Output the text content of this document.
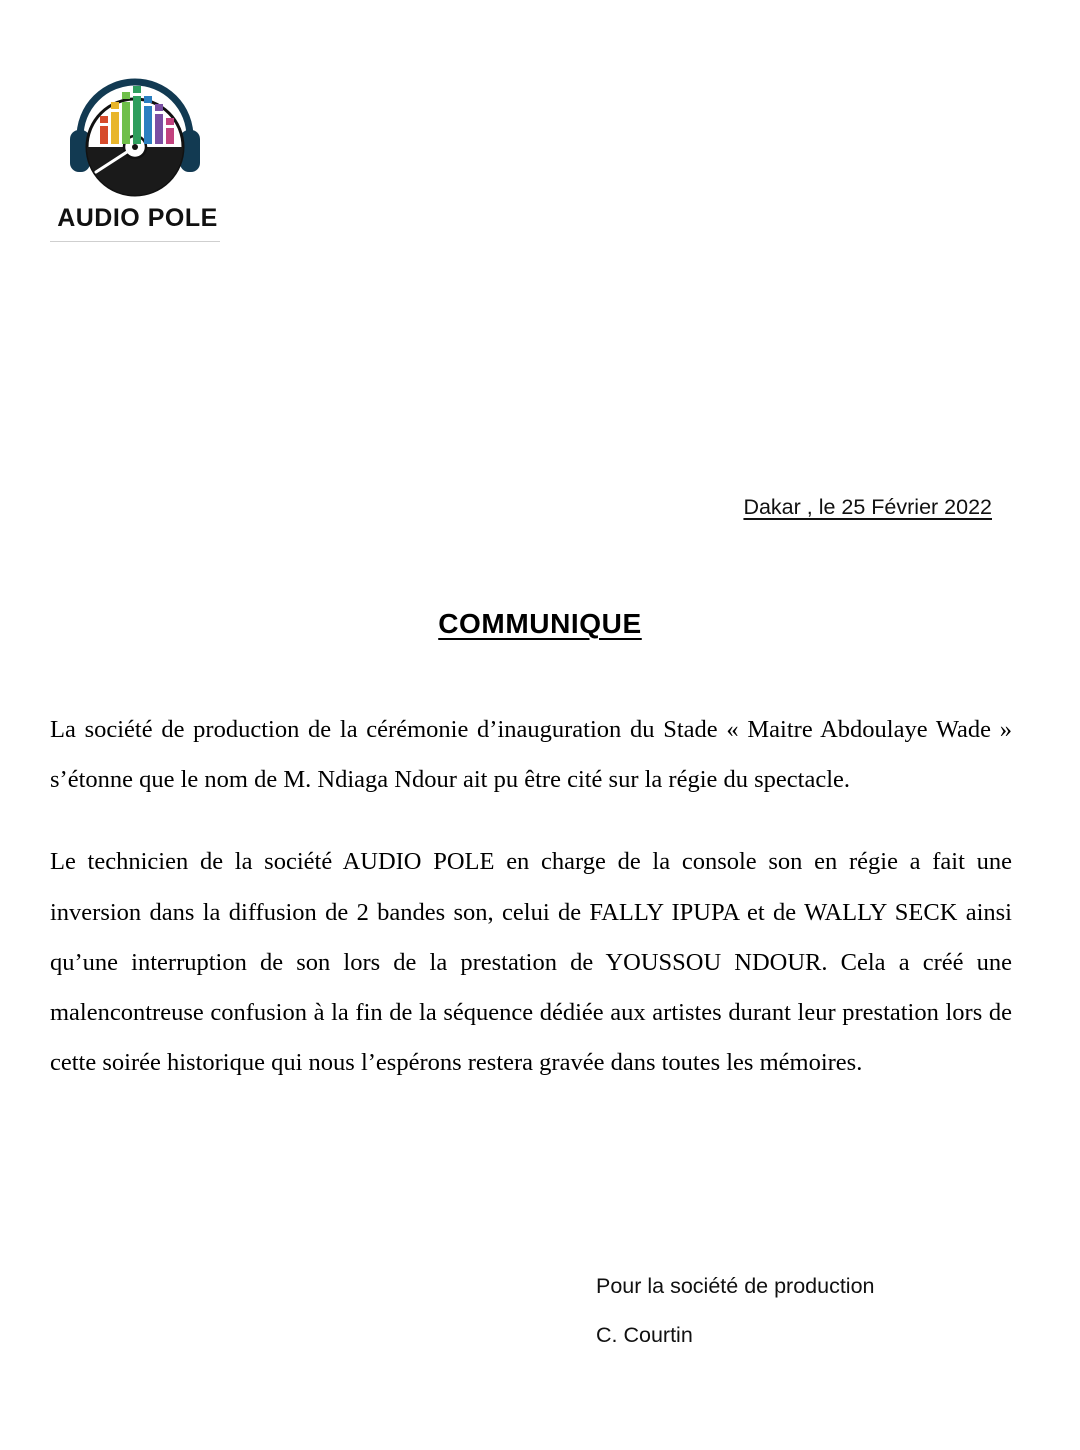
AUDIO POLE
Dakar , le 25 Février 2022
COMMUNIQUE

La société de production de la cérémonie d’inauguration du Stade « Maitre Abdoulaye Wade » s’étonne que le nom de M. Ndiaga Ndour ait pu être cité sur la régie du spectacle.

Le technicien de la société AUDIO POLE en charge de la console son en régie a fait une inversion dans la diffusion de 2 bandes son, celui de FALLY IPUPA et de WALLY SECK ainsi qu’une interruption de son lors de la prestation de YOUSSOU NDOUR. Cela a créé une malencontreuse confusion à la fin de la séquence dédiée aux artistes durant leur prestation lors de cette soirée historique qui nous l’espérons restera gravée dans toutes les mémoires.

Pour la société de production
C. Courtin
